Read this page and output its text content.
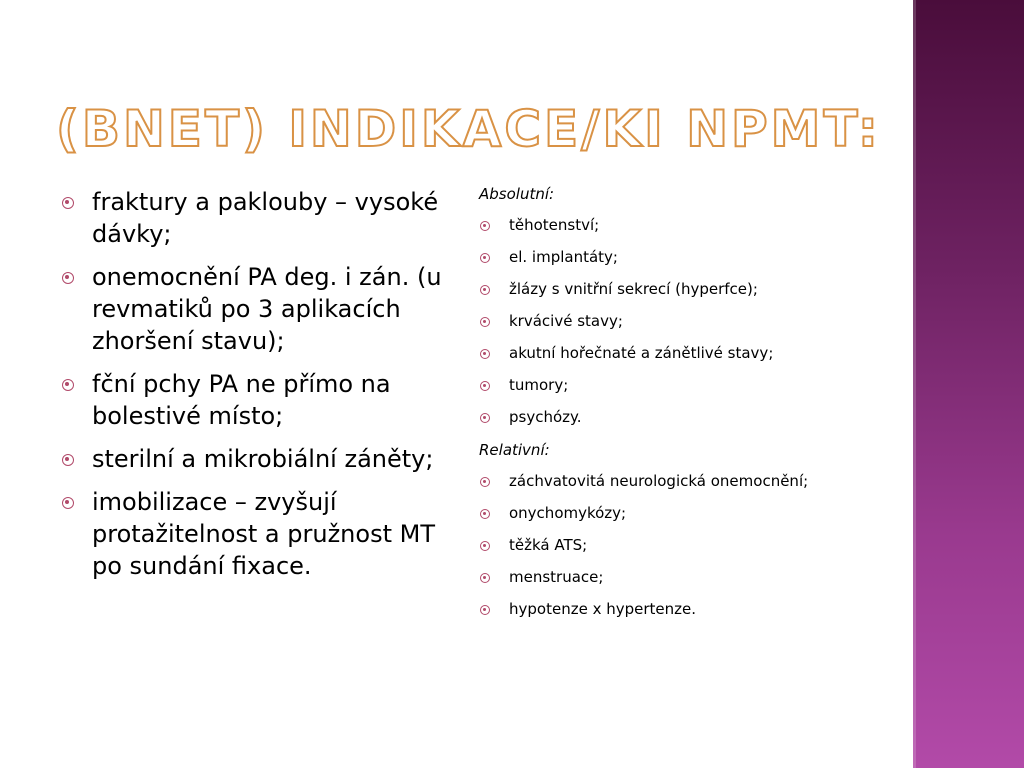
(BNET) INDIKACE/KI NPMT:
fraktury a paklouby – vysoké dávky;
onemocnění PA deg. i zán. (u revmatiků po 3 aplikacích zhoršení stavu);
fční pchy PA ne přímo na bolestivé místo;
sterilní a mikrobiální záněty;
imobilizace – zvyšují protažitelnost a pružnost MT po sundání fixace.
Absolutní:
těhotenství;
el. implantáty;
žlázy s vnitřní sekrecí (hyperfce);
krvácivé stavy;
akutní hořečnaté a zánětlivé stavy;
tumory;
psychózy.
Relativní:
záchvatovitá neurologická onemocnění;
onychomykózy;
těžká ATS;
menstruace;
hypotenze x hypertenze.
